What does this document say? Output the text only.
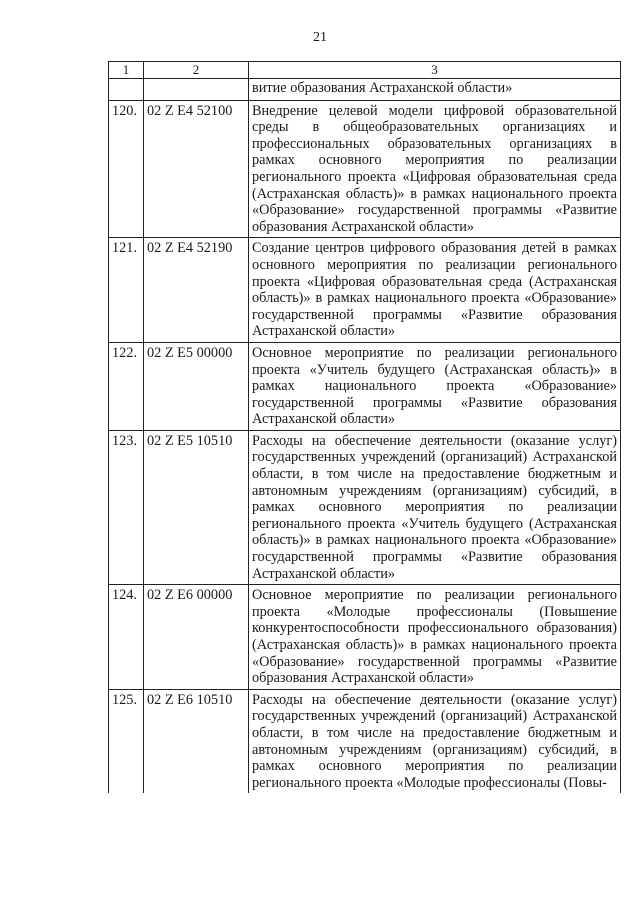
21
1	2	3
		витие образования Астраханской области»
120.	02 Z E4 52100	Внедрение целевой модели цифровой образовательной среды в общеобразовательных организациях и профессиональных образовательных организациях в рамках основного мероприятия по реализации регионального проекта «Цифровая образовательная среда (Астраханская область)» в рамках национального проекта «Образование» государственной программы «Развитие образования Астраханской области»
121.	02 Z E4 52190	Создание центров цифрового образования детей в рамках основного мероприятия по реализации регионального проекта «Цифровая образовательная среда (Астраханская область)» в рамках национального проекта «Образование» государственной программы «Развитие образования Астраханской области»
122.	02 Z E5 00000	Основное мероприятие по реализации регионального проекта «Учитель будущего (Астраханская область)» в рамках национального проекта «Образование» государственной программы «Развитие образования Астраханской области»
123.	02 Z E5 10510	Расходы на обеспечение деятельности (оказание услуг) государственных учреждений (организаций) Астраханской области, в том числе на предоставление бюджетным и автономным учреждениям (организациям) субсидий, в рамках основного мероприятия по реализации регионального проекта «Учитель будущего (Астраханская область)» в рамках национального проекта «Образование» государственной программы «Развитие образования Астраханской области»
124.	02 Z E6 00000	Основное мероприятие по реализации регионального проекта «Молодые профессионалы (Повышение конкурентоспособности профессионального образования) (Астраханская область)» в рамках национального проекта «Образование» государственной программы «Развитие образования Астраханской области»
125.	02 Z E6 10510	Расходы на обеспечение деятельности (оказание услуг) государственных учреждений (организаций) Астраханской области, в том числе на предоставление бюджетным и автономным учреждениям (организациям) субсидий, в рамках основного мероприятия по реализации регионального проекта «Молодые профессионалы (Повы-
